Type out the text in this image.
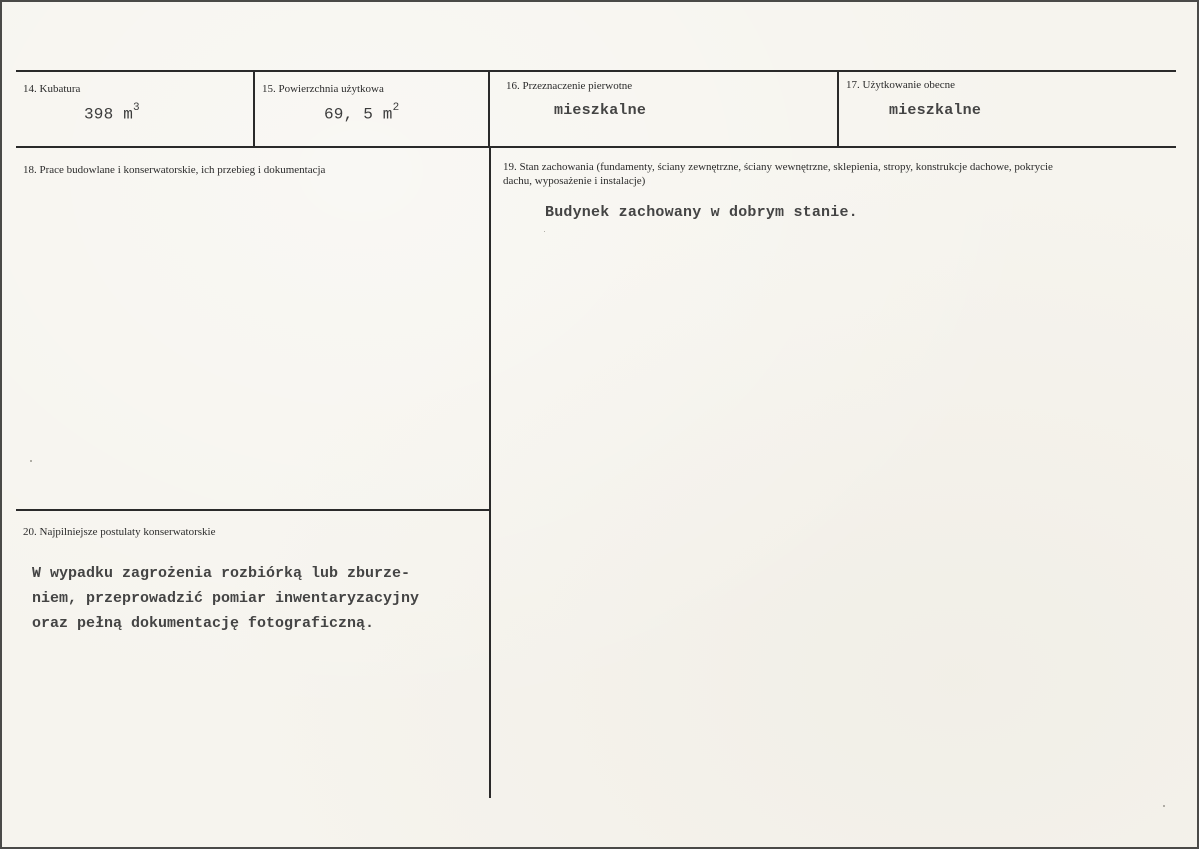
14. Kubatura
398 $m^3$
15. Powierzchnia użytkowa
69, 5 $m^2$
16. Przeznaczenie pierwotne
mieszkalne
17. Użytkowanie obecne
mieszkalne
18. Prace budowlane i konserwatorskie, ich przebieg i dokumentacja	19. Stan zachowania (fundamenty, ściany zewnętrzne, ściany wewnętrzne, sklepienia, stropy, konstrukcje dachowe, pokrycie dachu, wyposażenie i instalacje)
Budynek zachowany w dobrym stanie.
20. Najpilniejsze postulaty konserwatorskie
W wypadku zagrożenia rozbiórką lub zburze-
niem, przeprowadzić pomiar inwentaryzacyjny
oraz pełną dokumentację fotograficzną.
